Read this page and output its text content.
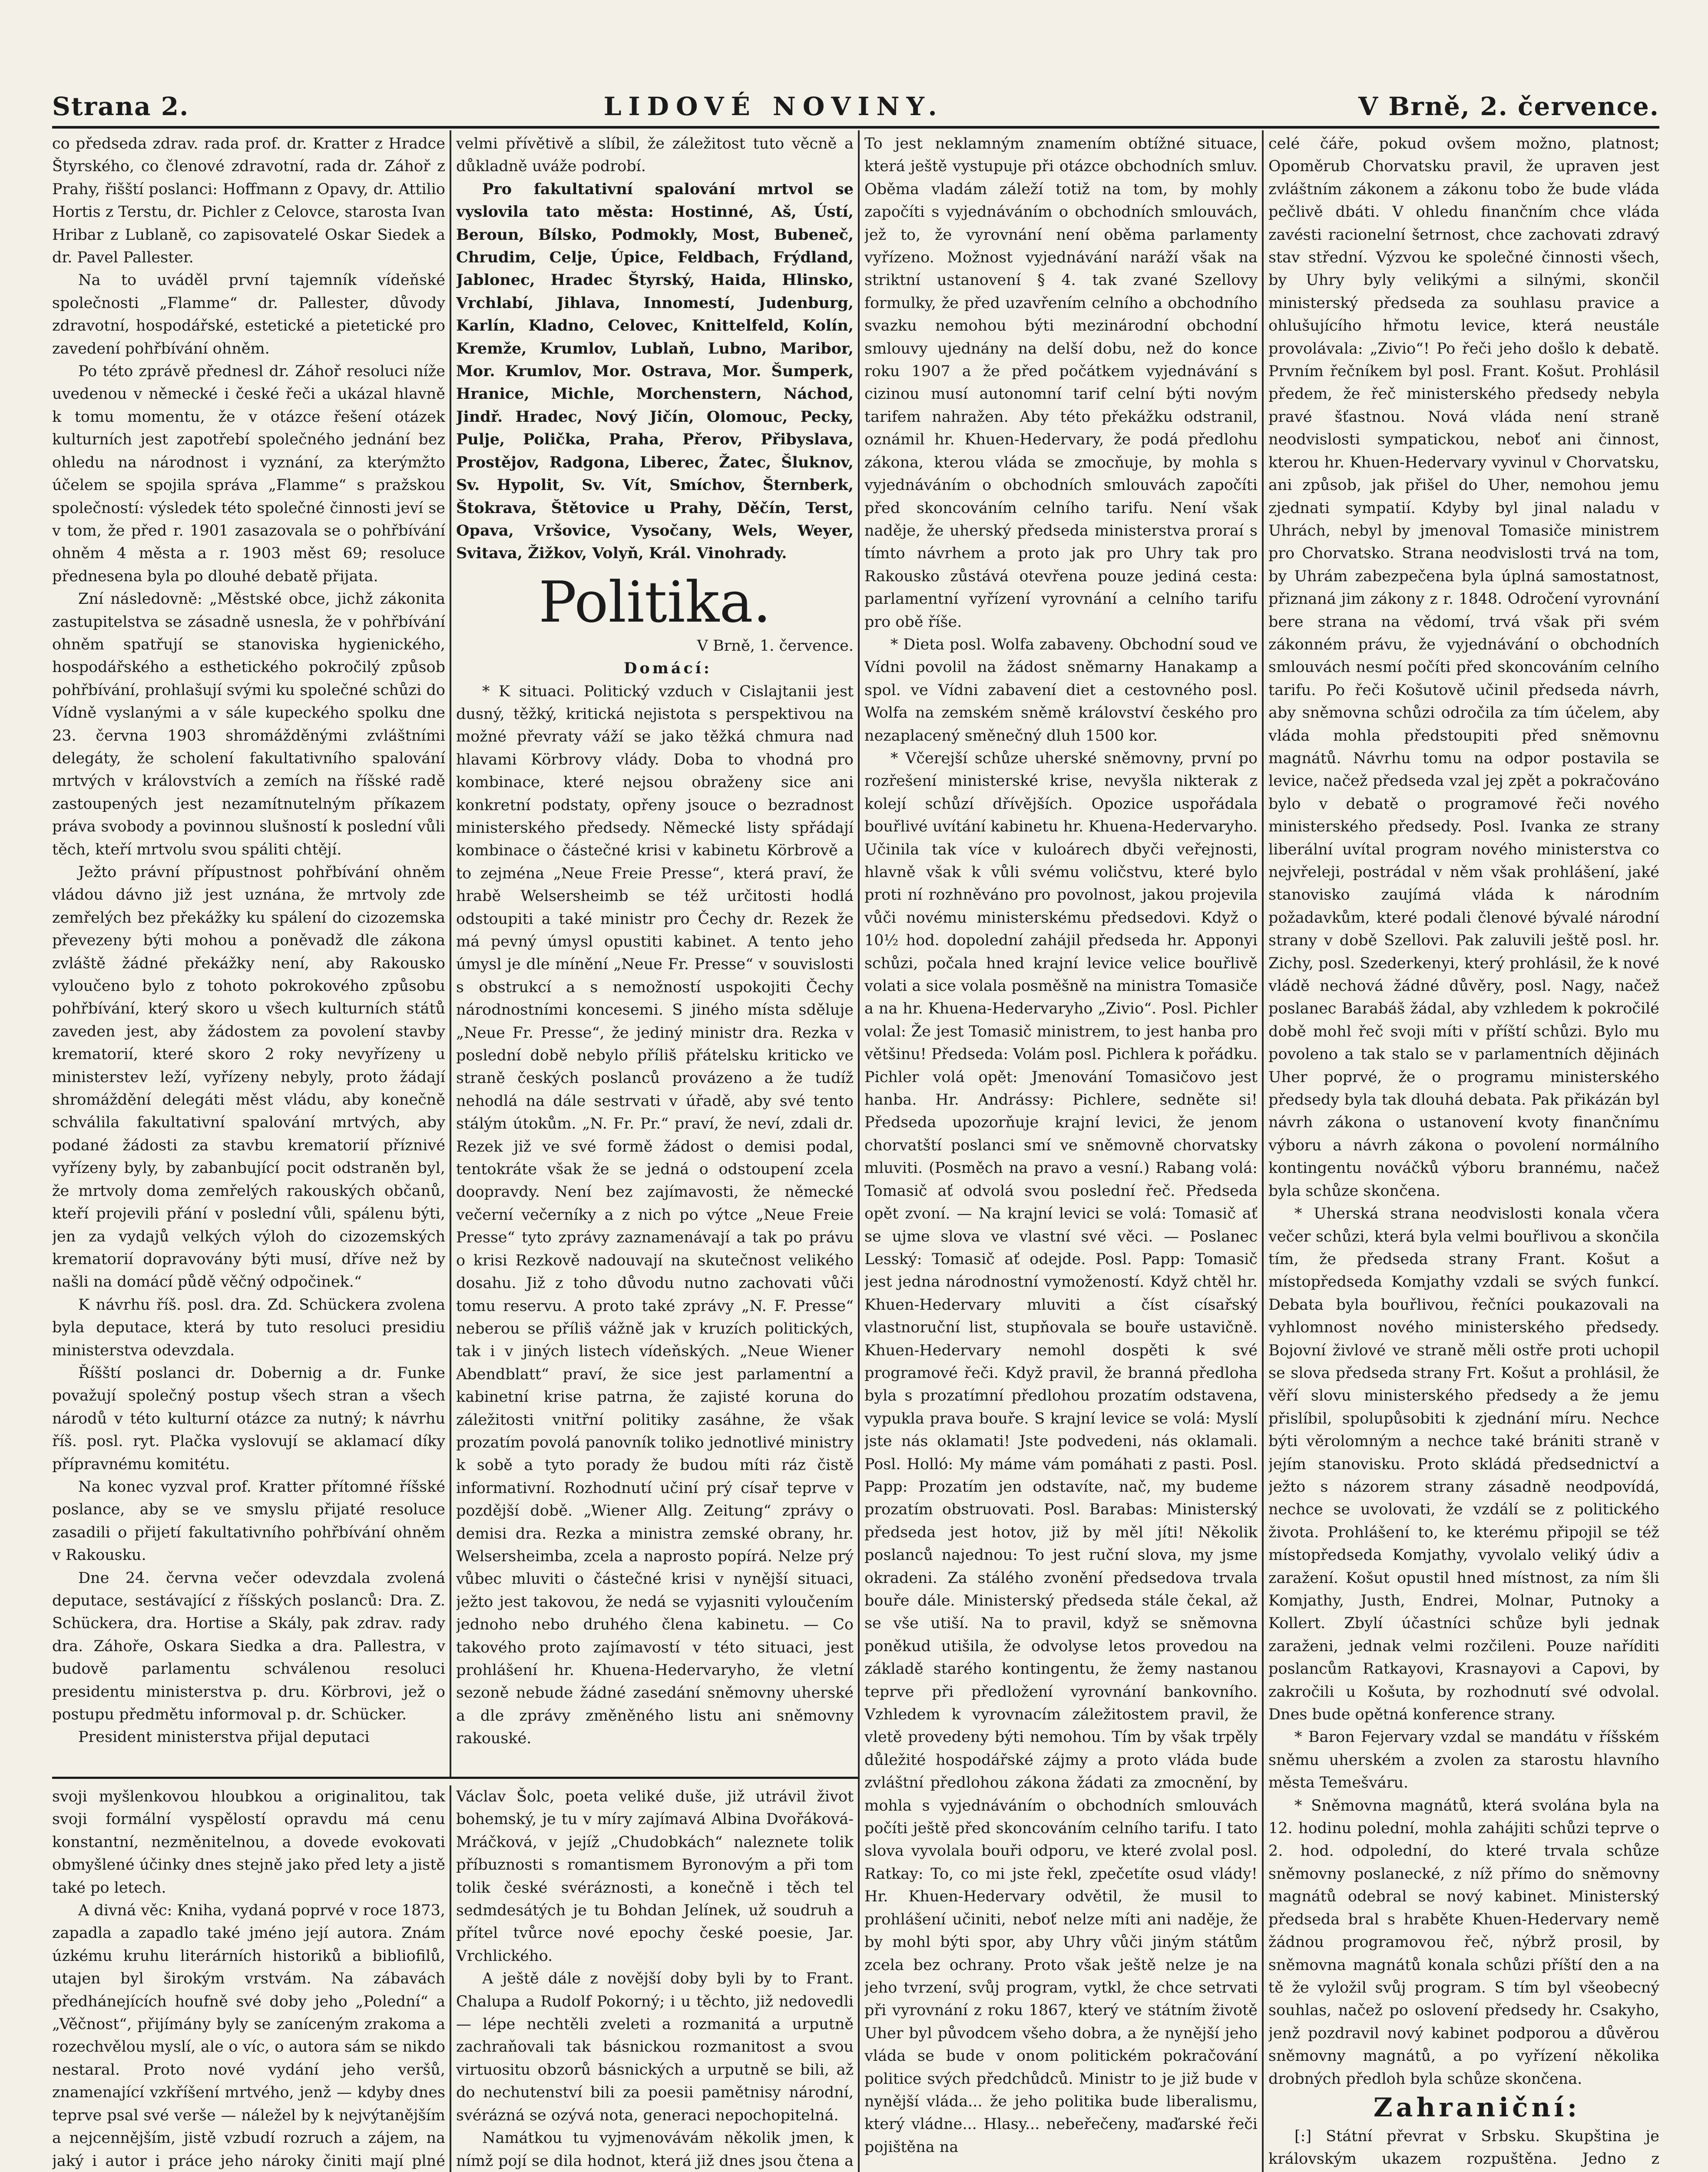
Strana 2.	LIDOVÉ NOVINY.	V Brně, 2. července.

co předseda zdrav. rada prof. dr. Kratter z Hradce Štyrského, co členové zdravotní, rada dr. Záhoř z Prahy, řišští poslanci: Hoffmann z Opavy, dr. Attilio Hortis z Terstu, dr. Pichler z Celovce, starosta Ivan Hribar z Lublaně, co zapisovatelé Oskar Siedek a dr. Pavel Pallester.

Na to uváděl první tajemník vídeňské společnosti „Flamme“ dr. Pallester, důvody zdravotní, hospodářské, estetické a pietetické pro zavedení pohřbívání ohněm.

Po této zprávě přednesl dr. Záhoř resoluci níže uvedenou v německé i české řeči a ukázal hlavně k tomu momentu, že v otázce řešení otázek kulturních jest zapotřebí společného jednání bez ohledu na národnost i vyznání, za kterýmžto účelem se spojila správa „Flamme“ s pražskou společností: výsledek této společné činnosti jeví se v tom, že před r. 1901 zasazovala se o pohřbívání ohněm 4 města a r. 1903 měst 69; resoluce přednesena byla po dlouhé debatě přijata.

Zní následovně: „Městské obce, jichž zákonita zastupitelstva se zásadně usnesla, že v pohřbívání ohněm spatřují se stanoviska hygienického, hospodářského a esthetického pokročilý způsob pohřbívání, prohlašují svými ku společné schůzi do Vídně vyslanými a v sále kupeckého spolku dne 23. června 1903 shromážděnými zvláštními delegáty, že scholení fakultativního spalování mrtvých v královstvích a zemích na říšské radě zastoupených jest nezamítnutelným příkazem práva svobody a povinnou slušností k poslední vůli těch, kteří mrtvolu svou spáliti chtějí.

Ježto právní přípustnost pohřbívání ohněm vládou dávno již jest uznána, že mrtvoly zde zemřelých bez překážky ku spálení do cizozemska převezeny býti mohou a poněvadž dle zákona zvláště žádné překážky není, aby Rakousko vyloučeno bylo z tohoto pokrokového způsobu pohřbívání, který skoro u všech kulturních států zaveden jest, aby žádostem za povolení stavby krematorií, které skoro 2 roky nevyřízeny u ministerstev leží, vyřízeny nebyly, proto žádají shromáždění delegáti měst vládu, aby konečně schválila fakultativní spalování mrtvých, aby podané žádosti za stavbu krematorií příznivé vyřízeny byly, by zabanbující pocit odstraněn byl, že mrtvoly doma zemřelých rakouských občanů, kteří projevili přání v poslední vůli, spálenu býti, jen za vydajů velkých výloh do cizozemských krematorií dopravovány býti musí, dříve než by našli na domácí půdě věčný odpočinek.“

K návrhu říš. posl. dra. Zd. Schückera zvolena byla deputace, která by tuto resoluci presidiu ministerstva odevzdala.

Říšští poslanci dr. Dobernig a dr. Funke považují společný postup všech stran a všech národů v této kulturní otázce za nutný; k návrhu říš. posl. ryt. Plačka vyslovují se aklamací díky přípravnému komitétu.

Na konec vyzval prof. Kratter přítomné říšské poslance, aby se ve smyslu přijaté resoluce zasadili o přijetí fakultativního pohřbívání ohněm v Rakousku.

Dne 24. června večer odevzdala zvolená deputace, sestávající z říšských poslanců: Dra. Z. Schückera, dra. Hortise a Skály, pak zdrav. rady dra. Záhoře, Oskara Siedka a dra. Pallestra, v budově parlamentu schválenou resoluci presidentu ministerstva p. dru. Körbrovi, jež o postupu předmětu informoval p. dr. Schücker.

President ministerstva přijal deputaci

velmi přívětivě a slíbil, že záležitost tuto věcně a důkladně uváže podrobí.

Pro fakultativní spalování mrtvol se vyslovila tato města: Hostinné, Aš, Ústí, Beroun, Bílsko, Podmokly, Most, Bubeneč, Chrudim, Celje, Úpice, Feldbach, Frýdland, Jablonec, Hradec Štyrský, Haida, Hlinsko, Vrchlabí, Jihlava, Innomestí, Judenburg, Karlín, Kladno, Celovec, Knittelfeld, Kolín, Kremže, Krumlov, Lublaň, Lubno, Maribor, Mor. Krumlov, Mor. Ostrava, Mor. Šumperk, Hranice, Michle, Morchenstern, Náchod, Jindř. Hradec, Nový Jičín, Olomouc, Pecky, Pulje, Polička, Praha, Přerov, Přibyslava, Prostějov, Radgona, Liberec, Žatec, Šluknov, Sv. Hypolit, Sv. Vít, Smíchov, Šternberk, Štokrava, Štětovice u Prahy, Děčín, Terst, Opava, Vršovice, Vysočany, Wels, Weyer, Svitava, Žižkov, Volyň, Král. Vinohrady.

Politika.

V Brně, 1. července.

Domácí:

* K situaci. Politický vzduch v Cislajtanii jest dusný, těžký, kritická nejistota s perspektivou na možné převraty váží se jako těžká chmura nad hlavami Körbrovy vlády. Doba to vhodná pro kombinace, které nejsou obraženy sice ani konkretní podstaty, opřeny jsouce o bezradnost ministerského předsedy. Německé listy spřádají kombinace o částečné krisi v kabinetu Körbrově a to zejména „Neue Freie Presse“, která praví, že hrabě Welsersheimb se též určitosti hodlá odstoupiti a také ministr pro Čechy dr. Rezek že má pevný úmysl opustiti kabinet. A tento jeho úmysl je dle mínění „Neue Fr. Presse“ v souvislosti s obstrukcí a s nemožností uspokojiti Čechy národnostními koncesemi. S jiného místa sděluje „Neue Fr. Presse“, že jediný ministr dra. Rezka v poslední době nebylo příliš přátelsku kriticko ve straně českých poslanců provázeno a že tudíž nehodlá na dále sestrvati v úřadě, aby své tento stálým útokům. „N. Fr. Pr.“ praví, že neví, zdali dr. Rezek již ve své formě žádost o demisi podal, tentokráte však že se jedná o odstoupení zcela doopravdy. Není bez zajímavosti, že německé večerní večerníky a z nich po výtce „Neue Freie Presse“ tyto zprávy zaznamenávají a tak po právu o krisi Rezkově nadouvají na skutečnost velikého dosahu. Již z toho důvodu nutno zachovati vůči tomu reservu. A proto také zprávy „N. F. Presse“ neberou se příliš vážně jak v kruzích politických, tak i v jiných listech vídeňských. „Neue Wiener Abendblatt“ praví, že sice jest parlamentní a kabinetní krise patrna, že zajisté koruna do záležitosti vnitřní politiky zasáhne, že však prozatím povolá panovník toliko jednotlivé ministry k sobě a tyto porady že budou míti ráz čistě informativní. Rozhodnutí učiní prý císař teprve v pozdější době. „Wiener Allg. Zeitung“ zprávy o demisi dra. Rezka a ministra zemské obrany, hr. Welsersheimba, zcela a naprosto popírá. Nelze prý vůbec mluviti o částečné krisi v nynější situaci, ježto jest takovou, že nedá se vyjasniti vyloučením jednoho nebo druhého člena kabinetu. — Co takového proto zajímavostí v této situaci, jest prohlášení hr. Khuena-Hedervaryho, že vletní sezoně nebude žádné zasedání sněmovny uherské a dle zprávy změněného listu ani sněmovny rakouské.

To jest neklamným znamením obtížné situace, která ještě vystupuje při otázce obchodních smluv. Oběma vladám záleží totiž na tom, by mohly započíti s vyjednáváním o obchodních smlouvách, jež to, že vyrovnání není oběma parlamenty vyřízeno. Možnost vyjednávání naráží však na striktní ustanovení § 4. tak zvané Szellovy formulky, že před uzavřením celního a obchodního svazku nemohou býti mezinárodní obchodní smlouvy ujednány na delší dobu, než do konce roku 1907 a že před počátkem vyjednávání s cizinou musí autonomní tarif celní býti novým tarifem nahražen. Aby této překážku odstranil, oznámil hr. Khuen-Hedervary, že podá předlohu zákona, kterou vláda se zmocňuje, by mohla s vyjednáváním o obchodních smlouvách započíti před skoncováním celního tarifu. Není však naděje, že uherský předseda ministerstva proraí s tímto návrhem a proto jak pro Uhry tak pro Rakousko zůstává otevřena pouze jediná cesta: parlamentní vyřízení vyrovnání a celního tarifu pro obě říše.

* Dieta posl. Wolfa zabaveny. Obchodní soud ve Vídni povolil na žádost sněmarny Hanakamp a spol. ve Vídni zabavení diet a cestovného posl. Wolfa na zemském sněmě království českého pro nezaplacený směnečný dluh 1500 kor.

* Včerejší schůze uherské sněmovny, první po rozřešení ministerské krise, nevyšla nikterak z kolejí schůzí dřívějších. Opozice uspořádala bouřlivé uvítání kabinetu hr. Khuena-Hedervaryho. Učinila tak více v kuloárech dbyči veřejnosti, hlavně však k vůli svému voličstvu, které bylo proti ní rozhněváno pro povolnost, jakou projevila vůči novému ministerskému předsedovi. Když o 10½ hod. dopolední zahájil předseda hr. Apponyi schůzi, počala hned krajní levice velice bouřlivě volati a sice volala posměšně na ministra Tomasiče a na hr. Khuena-Hedervaryho „Zivio“. Posl. Pichler volal: Že jest Tomasič ministrem, to jest hanba pro většinu! Předseda: Volám posl. Pichlera k pořádku. Pichler volá opět: Jmenování Tomasičovo jest hanba. Hr. Andrássy: Pichlere, sedněte si! Předseda upozorňuje krajní levici, že jenom chorvatští poslanci smí ve sněmovně chorvatsky mluviti. (Posměch na pravo a vesní.) Rabang volá: Tomasič ať odvolá svou poslední řeč. Předseda opět zvoní. — Na krajní levici se volá: Tomasič ať se ujme slova ve vlastní své věci. — Poslanec Lesský: Tomasič ať odejde. Posl. Papp: Tomasič jest jedna národnostní vymožeností. Když chtěl hr. Khuen-Hedervary mluviti a číst císařský vlastnoruční list, stupňovala se bouře ustavičně. Khuen-Hedervary nemohl dospěti k své programové řeči. Když pravil, že branná předloha byla s prozatímní předlohou prozatím odstavena, vypukla prava bouře. S krajní levice se volá: Myslí jste nás oklamati! Jste podvedeni, nás oklamali. Posl. Holló: My máme vám pomáhati z pasti. Posl. Papp: Prozatím jen odstavíte, nač, my budeme prozatím obstruovati. Posl. Barabas: Ministerský předseda jest hotov, již by měl jíti! Několik poslanců najednou: To jest ruční slova, my jsme okradeni. Za stálého zvonění předsedova trvala bouře dále. Ministerský předseda stále čekal, až se vše utiší. Na to pravil, když se sněmovna poněkud utišila, že odvolyse letos provedou na základě starého kontingentu, že žemy nastanou teprve při předložení vyrovnání bankovního. Vzhledem k vyrovnacím záležitostem pravil, že vletě provedeny býti nemohou. Tím by však trpěly důležité hospodářské zájmy a proto vláda bude zvláštní předlohou zákona žádati za zmocnění, by mohla s vyjednáváním o obchodních smlouvách počíti ještě před skoncováním celního tarifu. I tato slova vyvolala bouři odporu, ve které zvolal posl. Ratkay: To, co mi jste řekl, zpečetíte osud vlády! Hr. Khuen-Hedervary odvětil, že musil to prohlášení učiniti, neboť nelze míti ani naděje, že by mohl býti spor, aby Uhry vůči jiným státům zcela bez ochrany. Proto však ještě nelze je na jeho tvrzení, svůj program, vytkl, že chce setrvati při vyrovnání z roku 1867, který ve státním životě Uher byl původcem všeho dobra, a že nynější jeho vláda se bude v onom politickém pokračování politice svých předchůdců. Ministr to je již bude v nynější vláda... že jeho politika bude liberalismu, který vládne... Hlasy... nebeřečeny, maďarské řeči pojištěna na

celé čáře, pokud ovšem možno, platnost; Opoměrub Chorvatsku pravil, že upraven jest zvláštním zákonem a zákonu tobo že bude vláda pečlivě dbáti. V ohledu finančním chce vláda zavésti racionelní šetrnost, chce zachovati zdravý stav střední. Výzvou ke společné činnosti všech, by Uhry byly velikými a silnými, skončil ministerský předseda za souhlasu pravice a ohlušujícího hřmotu levice, která neustále provolávala: „Zivio“! Po řeči jeho došlo k debatě. Prvním řečníkem byl posl. Frant. Košut. Prohlásil předem, že řeč ministerského předsedy nebyla pravé šťastnou. Nová vláda není straně neodvislosti sympatickou, neboť ani činnost, kterou hr. Khuen-Hedervary vyvinul v Chorvatsku, ani způsob, jak přišel do Uher, nemohou jemu zjednati sympatií. Kdyby byl jinal naladu v Uhrách, nebyl by jmenoval Tomasiče ministrem pro Chorvatsko. Strana neodvislosti trvá na tom, by Uhrám zabezpečena byla úplná samostatnost, přiznaná jim zákony z r. 1848. Odročení vyrovnání bere strana na vědomí, trvá však při svém zákonném právu, že vyjednávání o obchodních smlouvách nesmí počíti před skoncováním celního tarifu. Po řeči Košutově učinil předseda návrh, aby sněmovna schůzi odročila za tím účelem, aby vláda mohla předstoupiti před sněmovnu magnátů. Návrhu tomu na odpor postavila se levice, načež předseda vzal jej zpět a pokračováno bylo v debatě o programové řeči nového ministerského předsedy. Posl. Ivanka ze strany liberální uvítal program nového ministerstva co nejvřeleji, postrádal v něm však prohlášení, jaké stanovisko zaujímá vláda k národním požadavkům, které podali členové bývalé národní strany v době Szellovi. Pak zaluvili ještě posl. hr. Zichy, posl. Szederkenyi, který prohlásil, že k nové vládě nechová žádné důvěry, posl. Nagy, načež poslanec Barabáš žádal, aby vzhledem k pokročilé době mohl řeč svoji míti v příští schůzi. Bylo mu povoleno a tak stalo se v parlamentních dějinách Uher poprvé, že o programu ministerského předsedy byla tak dlouhá debata. Pak přikázán byl návrh zákona o ustanovení kvoty finančnímu výboru a návrh zákona o povolení normálního kontingentu nováčků výboru brannému, načež byla schůze skončena.

* Uherská strana neodvislosti konala včera večer schůzi, která byla velmi bouřlivou a skončila tím, že předseda strany Frant. Košut a místopředseda Komjathy vzdali se svých funkcí. Debata byla bouřlivou, řečníci poukazovali na vyhlomnost nového ministerského předsedy. Bojovní živlové ve straně měli ostře proti uchopil se slova předseda strany Frt. Košut a prohlásil, že věří slovu ministerského předsedy a že jemu přislíbil, spolupůsobiti k zjednání míru. Nechce býti věrolomným a nechce také brániti straně v jejím stanovisku. Proto skládá předsednictví a ježto s názorem strany zásadně neodpovídá, nechce se uvolovati, že vzdálí se z politického života. Prohlášení to, ke kterému připojil se též místopředseda Komjathy, vyvolalo veliký údiv a zaražení. Košut opustil hned místnost, za ním šli Komjathy, Justh, Endrei, Molnar, Putnoky a Kollert. Zbylí účastníci schůze byli jednak zaraženi, jednak velmi rozčileni. Pouze naříditi poslancům Ratkayovi, Krasnayovi a Capovi, by zakročili u Košuta, by rozhodnutí své odvolal. Dnes bude opětná konference strany.

* Baron Fejervary vzdal se mandátu v říšském sněmu uherském a zvolen za starostu hlavního města Temešváru.

* Sněmovna magnátů, která svolána byla na 12. hodinu polední, mohla zahájiti schůzi teprve o 2. hod. odpolední, do které trvala schůze sněmovny poslanecké, z níž přímo do sněmovny magnátů odebral se nový kabinet. Ministerský předseda bral s hraběte Khuen-Hedervary nemě žádnou programovou řeč, nýbrž prosil, by sněmovna magnátů konala schůzi příští den a na tě že vyložil svůj program. S tím byl všeobecný souhlas, načež po oslovení předsedy hr. Csakyho, jenž pozdravil nový kabinet podporou a důvěrou sněmovny magnátů, a po vyřízení několika drobných předloh byla schůze skončena.

Zahraniční:

[:] Státní převrat v Srbsku. Skupština je královským ukazem rozpuštěna. Jedno z

svoji myšlenkovou hloubkou a originalitou, tak svoji formální vyspělostí opravdu má cenu konstantní, nezměnitelnou, a dovede evokovati obmyšlené účinky dnes stejně jako před lety a jistě také po letech.

A divná věc: Kniha, vydaná poprvé v roce 1873, zapadla a zapadlo také jméno její autora. Znám úzkému kruhu literárních historiků a bibliofilů, utajen byl širokým vrstvám. Na zábavách předhánejících houfně své doby jeho „Polední“ a „Věčnost“, přijímány byly se zaníceným zrakoma a rozechvělou myslí, ale o víc, o autora sám se nikdo nestaral. Proto nové vydání jeho veršů, znamenající vzkříšení mrtvého, jenž — kdyby dnes teprve psal své verše — náležel by k nejvýtanějším a nejcennějším, jistě vzbudí rozruch a zájem, na jaký i autor i práce jeho nároky činiti mají plné

Václav Šolc, poeta veliké duše, již utrávil život bohemský, je tu v míry zajímavá Albina Dvořáková-Mráčková, v jejíž „Chudobkách“ naleznete tolik příbuznosti s romantismem Byronovým a při tom tolik české svéráznosti, a konečně i těch tel sedmdesátých je tu Bohdan Jelínek, už soudruh a přítel tvůrce nové epochy české poesie, Jar. Vrchlického.

A ještě dále z novější doby byli by to Frant. Chalupa a Rudolf Pokorný; i u těchto, již nedovedli — lépe nechtěli zveleti a rozmanitá a urputně zachraňovali tak básnickou rozmanitost a svou virtuositu obzorů básnických a urputně se bili, až do nechutenství bili za poesii pamětnisy národní, svérázná se ozývá nota, generaci nepochopitelná.

Namátkou tu vyjmenovávám několik jmen, k nímž pojí se dila hodnot, která již dnes jsou čtena a
